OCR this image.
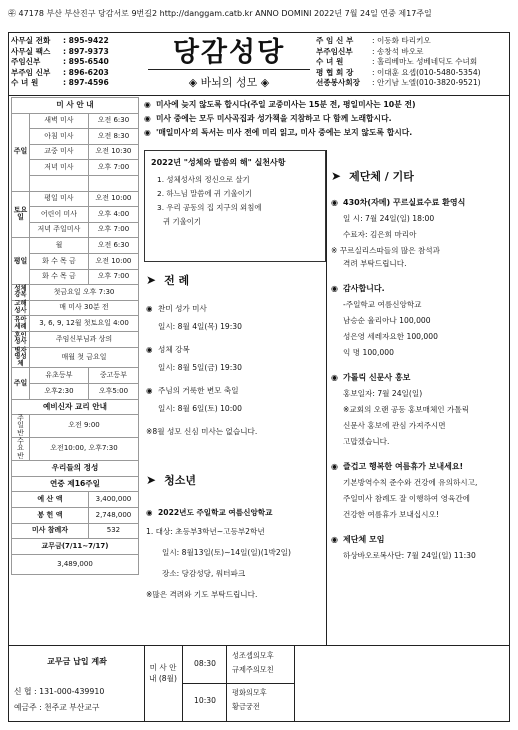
㉾ 47178 부산 부산진구 당감서로 9번길2 http://danggam.catb.kr ANNO DOMINI 2022년 7월 24일 연중 제17주일
사무실 전화	: 895-9422
사무실 팩스	: 897-9373
주임신부	: 895-6540
부주임 신부	: 896-6203
수 녀 원	: 897-4596
당감성당
◈ 바뇌의 성모 ◈
주 임 신 부	: 이동화 타리키오
부주임신부	: 송창석 바오로
수 녀 원	: 홀리베마노 성베네딕도 수녀회
평 협 회 장	: 이대훈 요셉(010-5480-5354)
선종봉사회장	: 안기남 노엘(010-3820-9521)
미 사 안 내		
주일	새벽 미사	오전 6:30
	아침 미사	오전 8:30
	교중 미사	오전 10:30
	저녁 미사	오후 7:00

토요일	평일 미사	오전 10:00
	어린이 미사	오후 4:00
	저녁 주일미사	오후 7:00
평일	월	오전 6:30
	화 수 목 금	오전 10:00
	화 수 목 금	오후 7:00
성체강복	첫금요일 오후 7:30	
고해성사	매 미사 30분 전	
유아세례	3, 6, 9, 12월 첫토요일 4:00	
혼인성사	주임신부님과 상의	
병자영성체	매월 첫 금요일	
주일	유초등부	중고등부
	오후2:30	오후5:00
예비신자 교리 안내		
주 일 반	오전 9:00	
수 요 반	오전10:00, 오후7:30	
우리들의 정성		
연중 제16주일		
예 산 액		3,400,000
봉 헌 액		2,748,000
미사 참례자		532
교무금(7/11~7/17)		
3,489,000		
◉ 미사에 늦지 않도록 합시다(주일 교중미사는 15분 전, 평일미사는 10분 전)
◉ 미사 중에는 모두 미사곡집과 성가책을 지참하고 다 함께 노래합시다.
◉ '매일미사'의 독서는 미사 전에 미리 읽고, 미사 중에는 보지 않도록 합시다.
2022년 "성체와 말씀의 해" 실천사항
1. 성체성사의 정신으로 살기
2. 하느님 말씀에 귀 기울이기
3. 우리 공동의 집 지구의 외침에
귀 기울이기
➤ 전 례
◉ 찬미 성가 미사
일시: 8월 4일(목) 19:30
◉ 성체 강복
일시: 8월 5일(금) 19:30
◉ 주님의 거룩한 변모 축일
일시: 8월 6일(토) 10:00
※8월 성모 신심 미사는 없습니다.
➤ 청소년
◉ 2022년도 주일학교 여름신앙학교
1. 대상: 초등부3학년~고등부2학년
일시: 8월13일(토)~14일(일)(1박2일)
장소: 당감성당, 워터파크
※많은 격려와 기도 부탁드립니다.
➤ 제단체 / 기타
◉ 430차(자메) 꾸르실료수료 환영식
일 시: 7월 24일(일) 18:00
수료자: 김은희 마리아
※ 꾸르실리스따들의 많은 참석과
격려 부탁드립니다.
◉ 감사합니다.
-주일학교 여름신앙학교
남승순 율리아나 100,000
성은영 세레자요한 100,000
익 명 100,000
◉ 가톨릭 신문사 홍보
홍보일자: 7월 24일(일)
※교회의 오랜 공동 홍보매체인 가톨릭
신문사 홍보에 관심 가져주시면
고맙겠습니다.
◉ 즐겁고 행복한 여름휴가 보내세요!
기본방역수칙 준수와 건강에 유의하시고,
주일미사 참례도 잘 이행하여 영육간에
건강한 여름휴가 보내십시오!
◉ 제단체 모임
하상바오로복사단: 7월 24일(일) 11:30
교무금 납입 계좌
신 협 : 131-000-439910
예금주 : 천주교 부산교구
미 사 안 내 (8월)
08:30
성조셉의모후
규제주의모친
10:30
평화의모후
황금궁전
